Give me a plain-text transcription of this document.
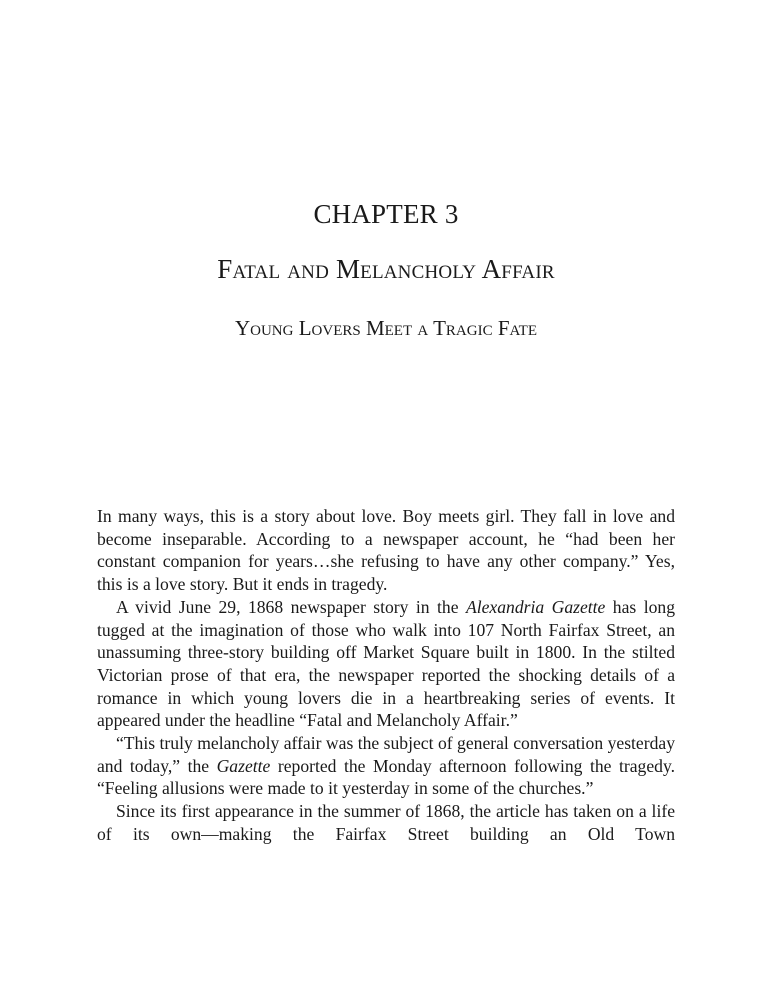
CHAPTER 3
Fatal and Melancholy Affair
Young Lovers Meet a Tragic Fate

In many ways, this is a story about love. Boy meets girl. They fall in love and become inseparable. According to a newspaper account, he “had been her constant companion for years…she refusing to have any other company.” Yes, this is a love story. But it ends in tragedy.

A vivid June 29, 1868 newspaper story in the Alexandria Gazette has long tugged at the imagination of those who walk into 107 North Fairfax Street, an unassuming three-story building off Market Square built in 1800. In the stilted Victorian prose of that era, the newspaper reported the shocking details of a romance in which young lovers die in a heartbreaking series of events. It appeared under the headline “Fatal and Melancholy Affair.”

“This truly melancholy affair was the subject of general conversation yesterday and today,” the Gazette reported the Monday afternoon following the tragedy. “Feeling allusions were made to it yesterday in some of the churches.”

Since its first appearance in the summer of 1868, the article has taken on a life of its own—making the Fairfax Street building an Old Town
